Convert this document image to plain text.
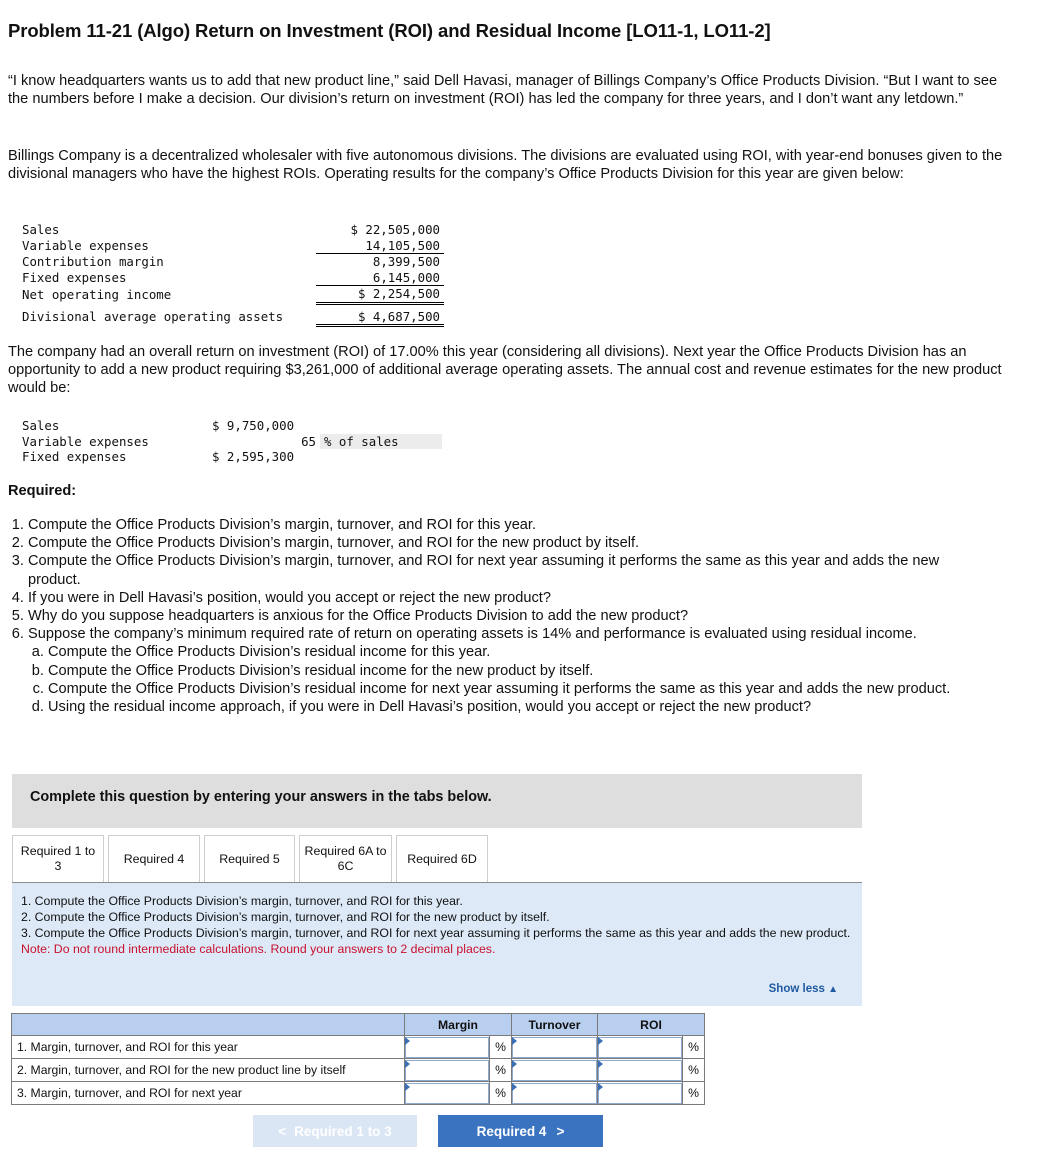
Problem 11-21 (Algo) Return on Investment (ROI) and Residual Income [LO11-1, LO11-2]

“I know headquarters wants us to add that new product line,” said Dell Havasi, manager of Billings Company’s Office Products Division. “But I want to see the numbers before I make a decision. Our division’s return on investment (ROI) has led the company for three years, and I don’t want any letdown.”

Billings Company is a decentralized wholesaler with five autonomous divisions. The divisions are evaluated using ROI, with year-end bonuses given to the divisional managers who have the highest ROIs. Operating results for the company’s Office Products Division for this year are given below:

Sales	$ 22,505,000
Variable expenses	14,105,500
Contribution margin	8,399,500
Fixed expenses	6,145,000
Net operating income	$ 2,254,500
Divisional average operating assets	$ 4,687,500

The company had an overall return on investment (ROI) of 17.00% this year (considering all divisions). Next year the Office Products Division has an opportunity to add a new product requiring $3,261,000 of additional average operating assets. The annual cost and revenue estimates for the new product would be:

Sales	$ 9,750,000	
Variable expenses	65	% of sales
Fixed expenses	$ 2,595,300	

Required:

1. Compute the Office Products Division’s margin, turnover, and ROI for this year.
2. Compute the Office Products Division’s margin, turnover, and ROI for the new product by itself.
3. Compute the Office Products Division’s margin, turnover, and ROI for next year assuming it performs the same as this year and adds the new product.
4. If you were in Dell Havasi’s position, would you accept or reject the new product?
5. Why do you suppose headquarters is anxious for the Office Products Division to add the new product?
6. Suppose the company’s minimum required rate of return on operating assets is 14% and performance is evaluated using residual income.
a. Compute the Office Products Division’s residual income for this year.
b. Compute the Office Products Division’s residual income for the new product by itself.
c. Compute the Office Products Division’s residual income for next year assuming it performs the same as this year and adds the new product.
d. Using the residual income approach, if you were in Dell Havasi’s position, would you accept or reject the new product?

Complete this question by entering your answers in the tabs below.

Required 1 to 3
Required 4	Required 5
Required 6A to 6C
Required 6D

1. Compute the Office Products Division’s margin, turnover, and ROI for this year.

2. Compute the Office Products Division’s margin, turnover, and ROI for the new product by itself.

3. Compute the Office Products Division’s margin, turnover, and ROI for next year assuming it performs the same as this year and adds the new product.

Note: Do not round intermediate calculations. Round your answers to 2 decimal places.

Show less ▲
	Margin		Turnover	ROI	
1. Margin, turnover, and ROI for this year		%			%
2. Margin, turnover, and ROI for the new product line by itself		%			%
3. Margin, turnover, and ROI for next year		%			%
< Required 1 to 3	Required 4 >
